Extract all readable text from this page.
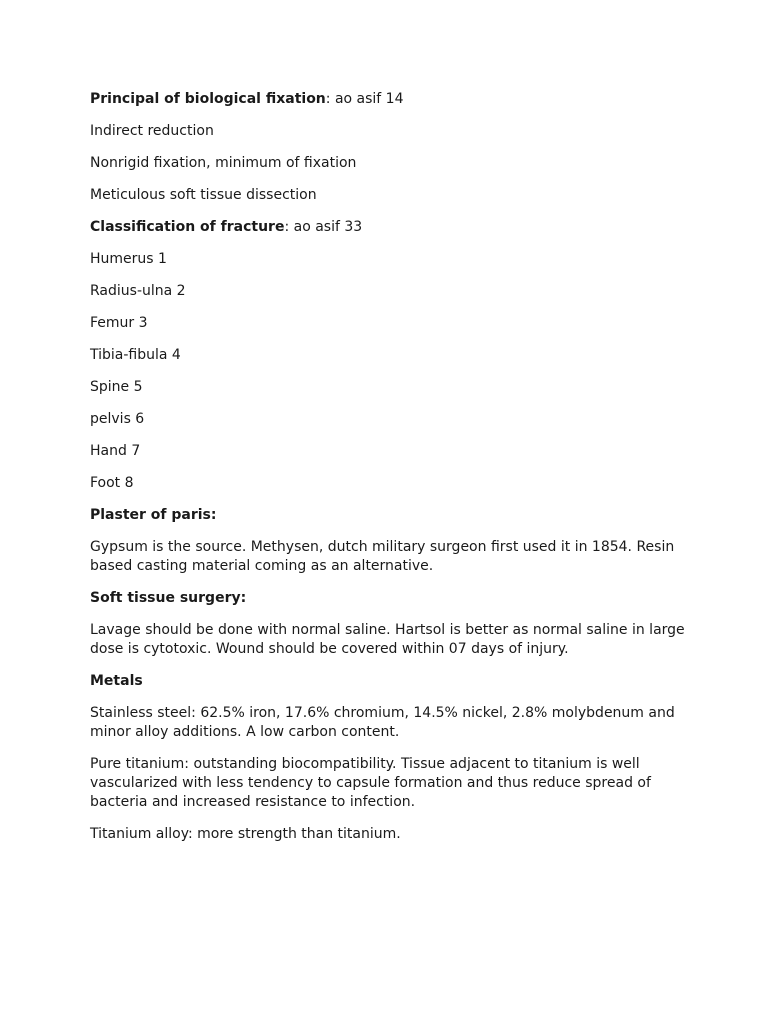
Principal of biological fixation: ao asif 14

Indirect reduction

Nonrigid fixation, minimum of fixation

Meticulous soft tissue dissection

Classification of fracture: ao asif 33

Humerus 1

Radius-ulna 2

Femur 3

Tibia-fibula 4

Spine 5

pelvis 6

Hand 7

Foot 8

Plaster of paris:

Gypsum is the source. Methysen, dutch military surgeon first used it in 1854. Resin based casting material coming as an alternative.

Soft tissue surgery:

Lavage should be done with normal saline. Hartsol is better as normal saline in large dose is cytotoxic. Wound should be covered within 07 days of injury.

Metals

Stainless steel: 62.5% iron, 17.6% chromium, 14.5% nickel, 2.8% molybdenum and minor alloy additions. A low carbon content.

Pure titanium: outstanding biocompatibility. Tissue adjacent to titanium is well vascularized with less tendency to capsule formation and thus reduce spread of bacteria and increased resistance to infection.

Titanium alloy: more strength than titanium.
